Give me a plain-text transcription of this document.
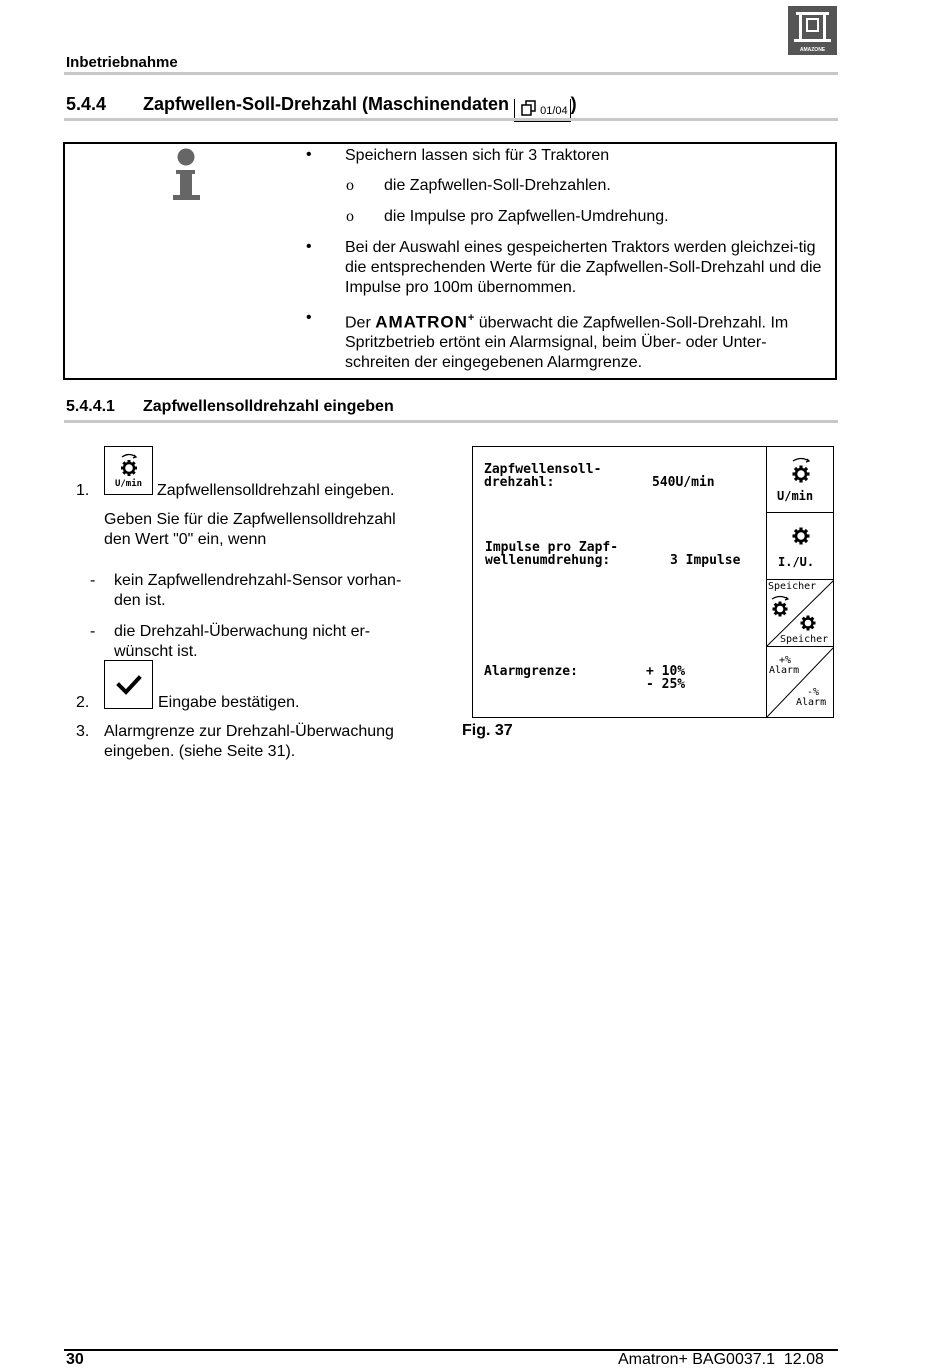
AMAZONE
Inbetriebnahme
5.4.4 Zapfwellen-Soll-Drehzahl (Maschinendaten	01/04 )
• Speichern lassen sich für 3 Traktoren
o die Zapfwellen-Soll-Drehzahlen.
o die Impulse pro Zapfwellen-Umdrehung.
• Bei der Auswahl eines gespeicherten Traktors werden gleichzei-tig die entsprechenden Werte für die Zapfwellen-Soll-Drehzahl und die Impulse pro 100m übernommen.
• Der AMATRON+ überwacht die Zapfwellen-Soll-Drehzahl. Im
Spritzbetrieb ertönt ein Alarmsignal, beim Über- oder Unter-
schreiten der eingegebenen Alarmgrenze.
5.4.4.1 Zapfwellensolldrehzahl eingeben
U/min
1.	Zapfwellensolldrehzahl eingeben.
Geben Sie für die Zapfwellensolldrehzahl
den Wert "0" ein, wenn
- kein Zapfwellendrehzahl-Sensor vorhan-
den ist.
- die Drehzahl-Überwachung nicht er-
wünscht ist.
2.	Eingabe bestätigen.
3. Alarmgrenze zur Drehzahl-Überwachung
eingeben. (siehe Seite 31).
Zapfwellensoll-
drehzahl:	540U/min
Impulse pro Zapf-
wellenumdrehung:	3 Impulse
Alarmgrenze:	+ 10%
- 25%
U/min
I./U.
Speicher
Speicher
+%
Alarm
-%
Alarm
Fig. 37
30	Amatron+ BAG0037.1  12.08
